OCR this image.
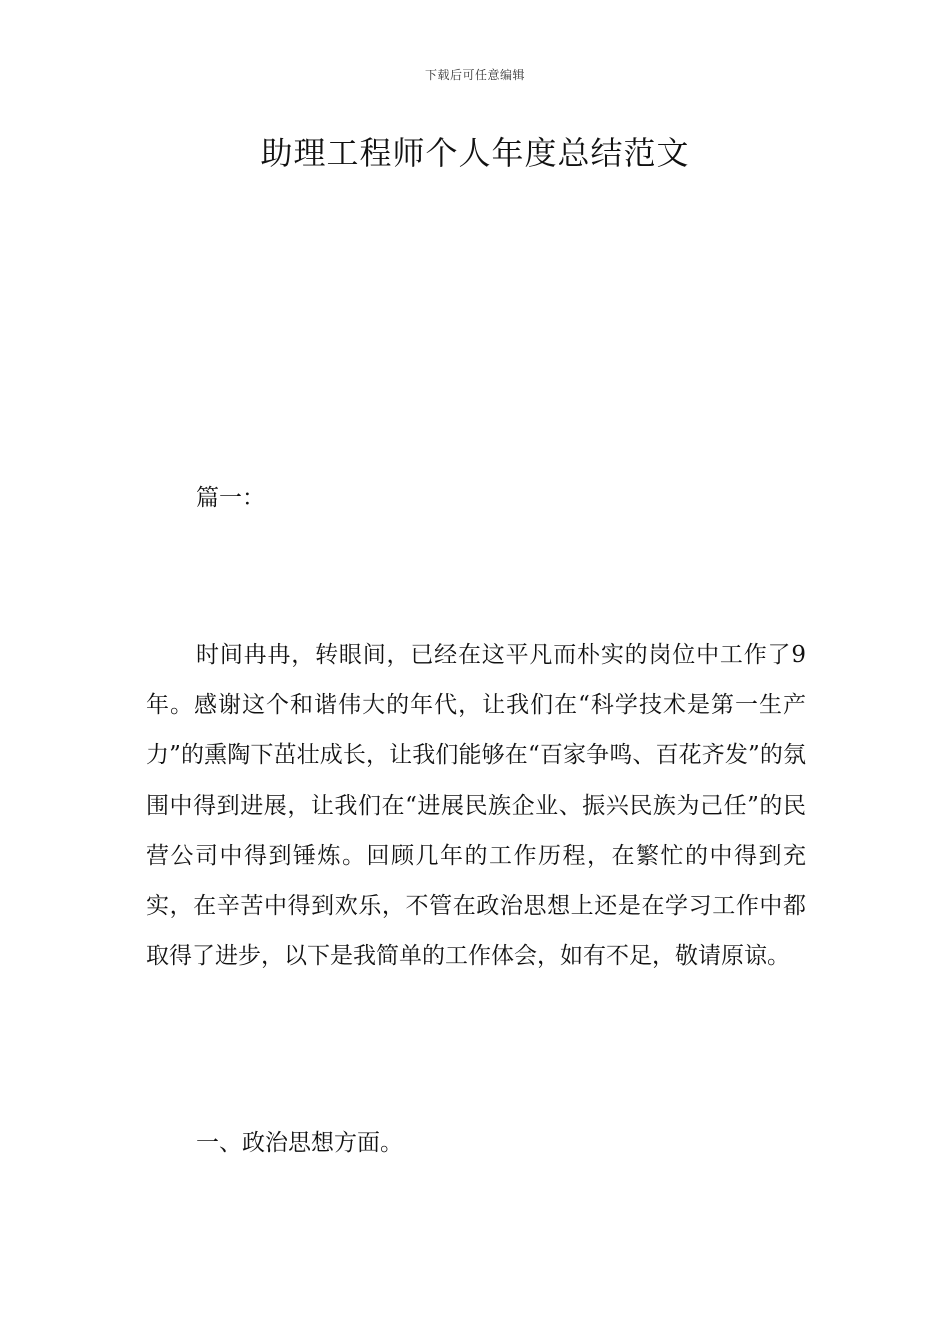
下载后可任意编辑
助理工程师个人年度总结范文

篇一：

时间冉冉，转眼间，已经在这平凡而朴实的岗位中工作了9年。感谢这个和谐伟大的年代，让我们在“科学技术是第一生产力”的熏陶下茁壮成长，让我们能够在“百家争鸣、百花齐发”的氛围中得到进展，让我们在“进展民族企业、振兴民族为己任”的民营公司中得到锤炼。回顾几年的工作历程，在繁忙的中得到充实，在辛苦中得到欢乐，不管在政治思想上还是在学习工作中都取得了进步，以下是我简单的工作体会，如有不足，敬请原谅。

一、政治思想方面。
